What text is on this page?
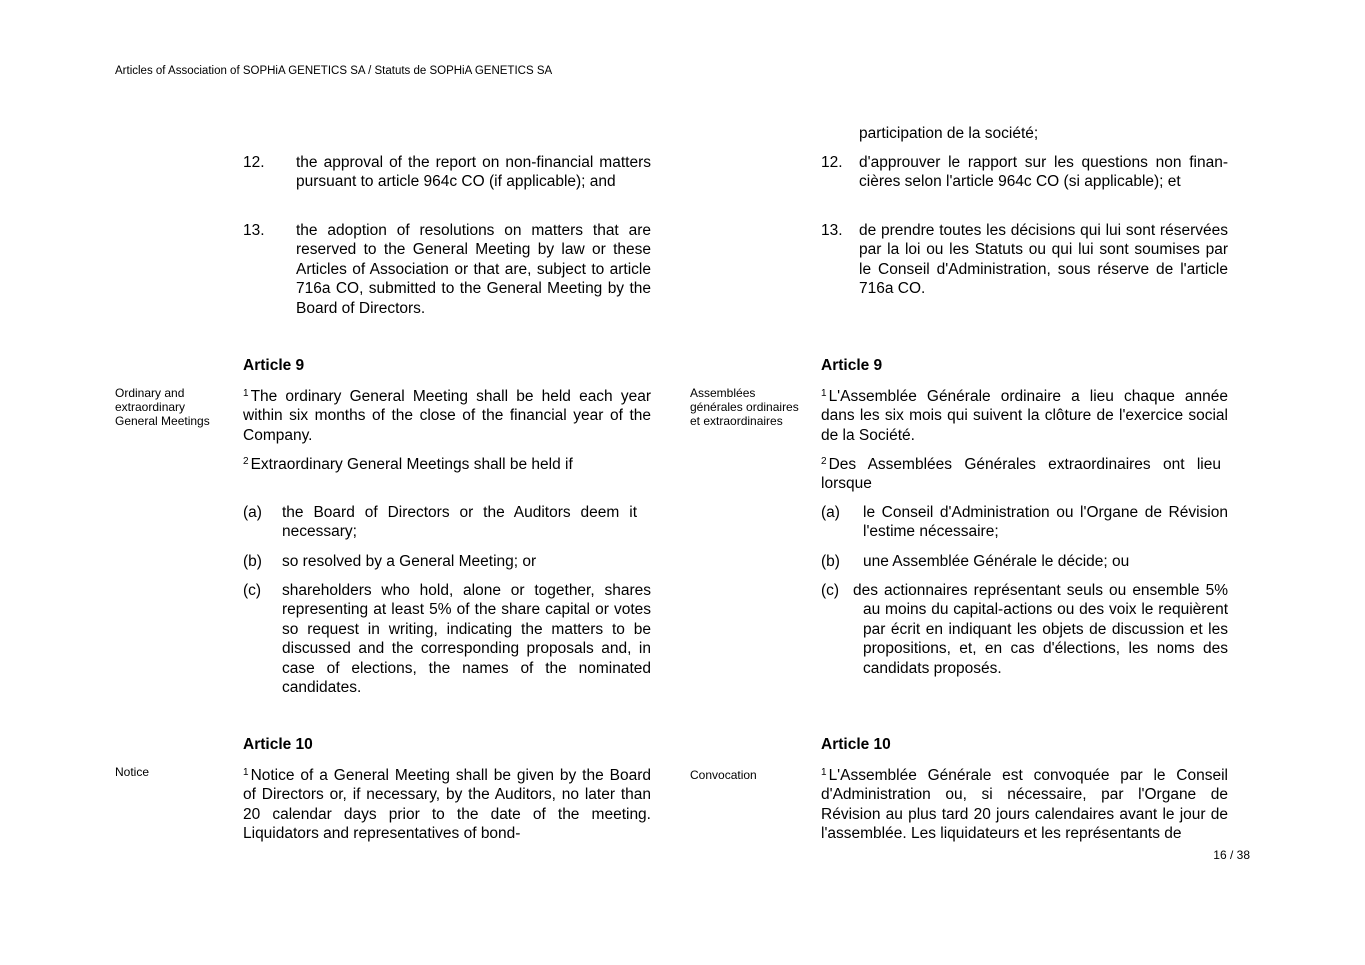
Articles of Association of SOPHiA GENETICS SA / Statuts de SOPHiA GENETICS SA
12. the approval of the report on non-financial matters pursuant to article 964c CO (if applicable); and
13. the adoption of resolutions on matters that are reserved to the General Meeting by law or these Articles of Association or that are, subject to article 716a CO, submitted to the General Meeting by the Board of Directors.
Article 9
Ordinary and extraordinary General Meetings
$^1$ The ordinary General Meeting shall be held each year within six months of the close of the financial year of the Company.
$^2$ Extraordinary General Meetings shall be held if
(a) the Board of Directors or the Auditors deem it necessary;
(b) so resolved by a General Meeting; or
(c) shareholders who hold, alone or together, shares representing at least 5% of the share capital or votes so request in writing, indicating the matters to be discussed and the corresponding proposals and, in case of elections, the names of the nominated candidates.
Article 10
Notice	$^1$ Notice of a General Meeting shall be given by the Board of Directors or, if necessary, by the Auditors, no later than 20 calendar days prior to the date of the meeting. Liquidators and representatives of bond-
participation de la société;
12. d'approuver le rapport sur les questions non finan-cières selon l'article 964c CO (si applicable); et
13. de prendre toutes les décisions qui lui sont réservées par la loi ou les Statuts ou qui lui sont soumises par le Conseil d'Administration, sous réserve de l'article 716a CO.
Article 9
Assemblées générales ordinaires et extraordinaires
$^1$ L'Assemblée Générale ordinaire a lieu chaque année dans les six mois qui suivent la clôture de l'exercice social de la Société.
$^2$ Des Assemblées Générales extraordinaires ont lieu lorsque
(a) le Conseil d'Administration ou l'Organe de Révision l'estime nécessaire;
(b) une Assemblée Générale le décide; ou
(c) des actionnaires représentant seuls ou ensemble 5% au moins du capital-actions ou des voix le requièrent par écrit en indiquant les objets de discussion et les propositions, et, en cas d'élections, les noms des candidats proposés.
Article 10
Convocation	$^1$ L'Assemblée Générale est convoquée par le Conseil d'Administration ou, si nécessaire, par l'Organe de Révision au plus tard 20 jours calendaires avant le jour de l'assemblée. Les liquidateurs et les représentants de
16 / 38
